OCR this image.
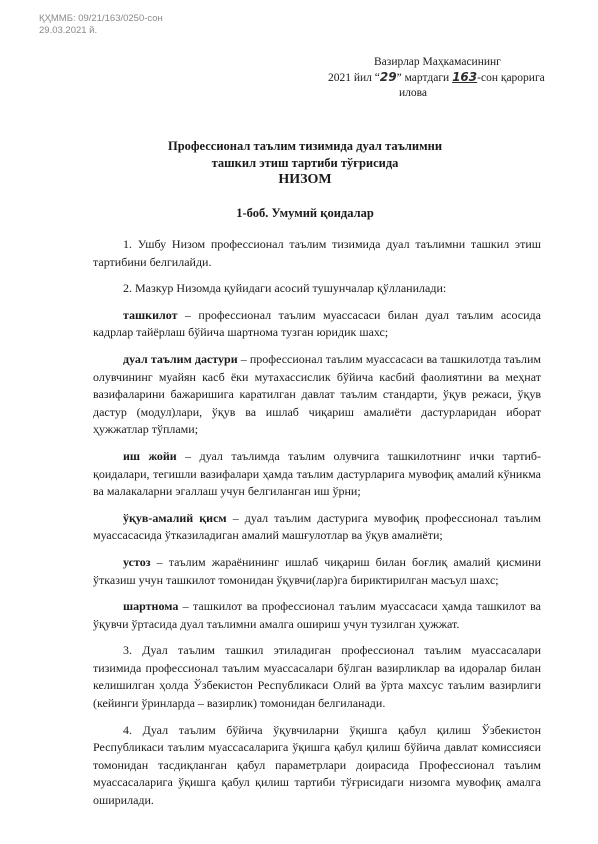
ҚҲММБ: 09/21/163/0250-сон
29.03.2021 й.
Вазирлар Маҳкамасининг
2021 йил “29” мартдаги 163-сон қарорига
илова
Профессионал таълим тизимида дуал таълимни
ташкил этиш тартиби тўғрисида
НИЗОМ
1-боб. Умумий қоидалар

1. Ушбу Низом профессионал таълим тизимида дуал таълимни ташкил этиш тартибини белгилайди.

2. Мазкур Низомда қуйидаги асосий тушунчалар қўлланилади:

ташкилот – профессионал таълим муассасаси билан дуал таълим асосида кадрлар тайёрлаш бўйича шартнома тузган юридик шахс;

дуал таълим дастури – профессионал таълим муассасаси ва ташкилотда таълим олувчининг муайян касб ёки мутахассислик бўйича касбий фаолиятини ва меҳнат вазифаларини бажаришига каратилган давлат таълим стандарти, ўқув режаси, ўқув дастур (модул)лари, ўқув ва ишлаб чиқариш амалиёти дастурларидан иборат ҳужжатлар тўплами;

иш жойи – дуал таълимда таълим олувчига ташкилотнинг ички тартиб-қоидалари, тегишли вазифалари ҳамда таълим дастурларига мувофиқ амалий кўникма ва малакаларни эгаллаш учун белгиланган иш ўрни;

ўқув-амалий қисм – дуал таълим дастурига мувофиқ профессионал таълим муассасасида ўтказиладиган амалий машғулотлар ва ўқув амалиёти;

устоз – таълим жараёнининг ишлаб чиқариш билан боғлиқ амалий қисмини ўтказиш учун ташкилот томонидан ўқувчи(лар)га бириктирилган масъул шахс;

шартнома – ташкилот ва профессионал таълим муассасаси ҳамда ташкилот ва ўқувчи ўртасида дуал таълимни амалга ошириш учун тузилган ҳужжат.

3. Дуал таълим ташкил этиладиган профессионал таълим муассасалари тизимида профессионал таълим муассасалари бўлган вазирликлар ва идоралар билан келишилган ҳолда Ўзбекистон Республикаси Олий ва ўрта махсус таълим вазирлиги (кейинги ўринларда – вазирлик) томонидан белгиланади.

4. Дуал таълим бўйича ўқувчиларни ўқишга қабул қилиш Ўзбекистон Республикаси таълим муассасаларига ўқишга қабул қилиш бўйича давлат комиссияси томонидан тасдиқланган қабул параметрлари доирасида Профессионал таълим муассасаларига ўқишга қабул қилиш тартиби тўғрисидаги низомга мувофиқ амалга оширилади.
